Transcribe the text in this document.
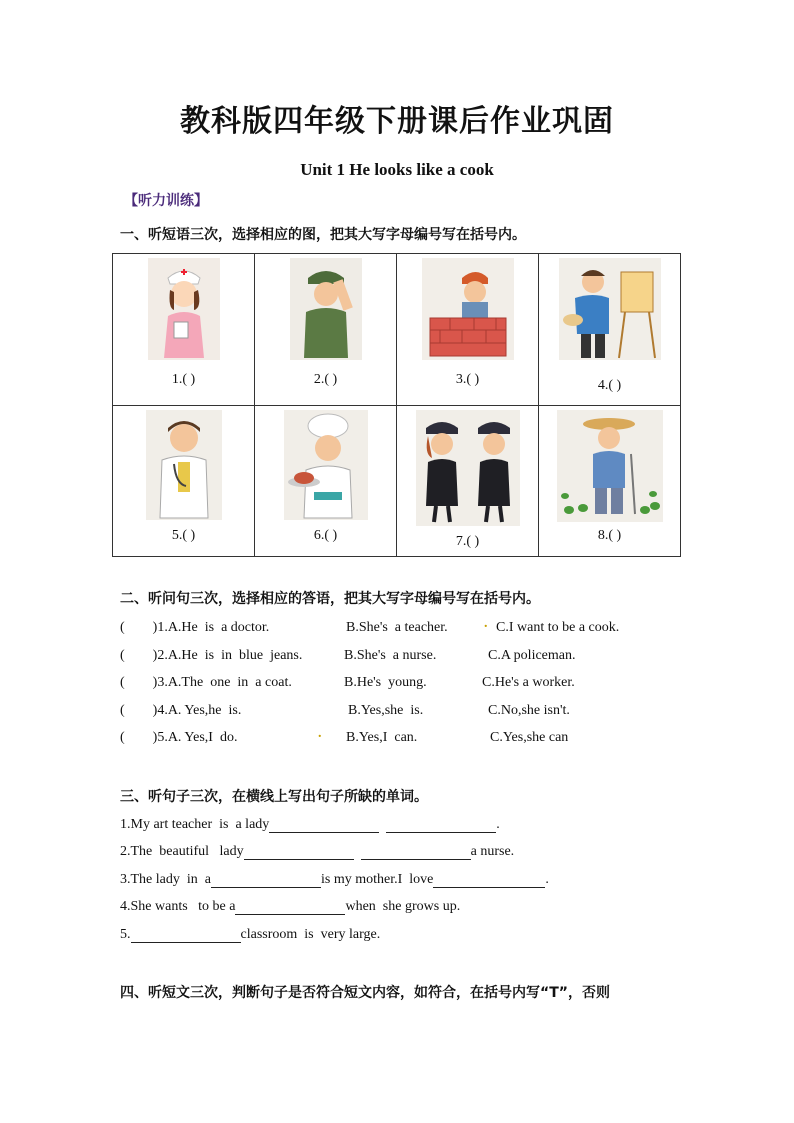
教科版四年级下册课后作业巩固
Unit 1 He looks like a cook
【听力训练】
一、听短语三次，选择相应的图，把其大写字母编号写在括号内。
1.( )	2.( )	3.( )	4.( )

5.( )	6.( )	7.( )	8.( )
二、听问句三次，选择相应的答语，把其大写字母编号写在括号内。
(        )1.A.He  is  a doctor.	B.She's  a teacher.	. C.I want to be a cook.
(        )2.A.He  is  in  blue  jeans.	B.She's  a nurse.	C.A policeman.
(        )3.A.The  one  in  a coat.	B.He's  young.	C.He's a worker.
(        )4.A. Yes,he  is.	B.Yes,she  is.	C.No,she isn't.
(        )5.A. Yes,I  do.	. B.Yes,I  can.	C.Yes,she can
三、听句子三次，在横线上写出句子所缺的单词。
1.My art teacher  is  a lady	.
2.The  beautiful   lady	a nurse.
3.The lady  in  a	is my mother.I  love	.
4.She wants   to be a	when  she grows up.
5.	classroom  is  very large.
四、听短文三次，判断句子是否符合短文内容，如符合，在括号内写“T”，否则
